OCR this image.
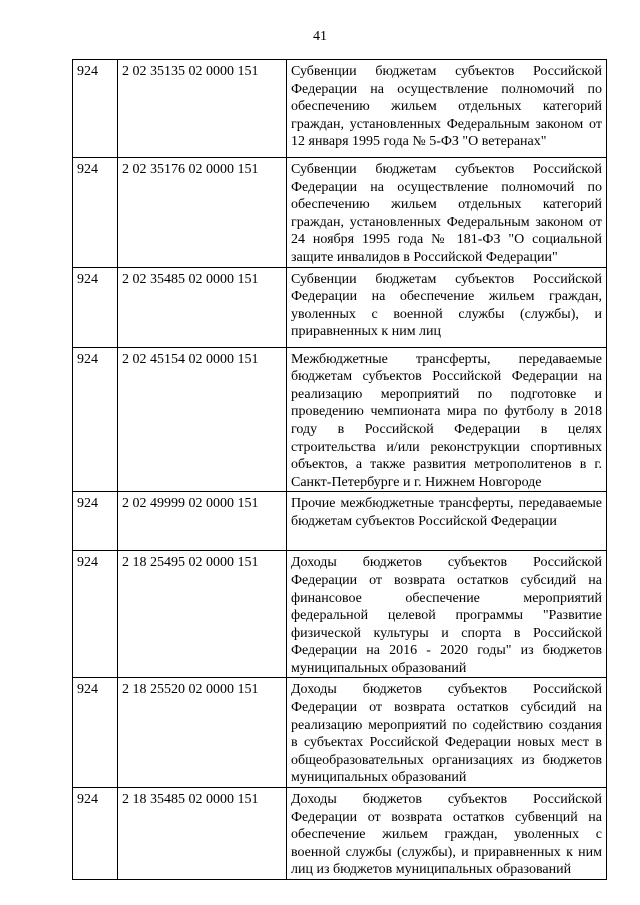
41
924	2 02 35135 02 0000 151	Субвенции бюджетам субъектов Российской Федерации на осуществление полномочий по обеспечению жильем отдельных категорий граждан, установленных Федеральным законом от 12 января 1995 года № 5-ФЗ "О ветеранах"
924	2 02 35176 02 0000 151	Субвенции бюджетам субъектов Российской Федерации на осуществление полномочий по обеспечению жильем отдельных категорий граждан, установленных Федеральным законом от 24 ноября 1995 года № 181-ФЗ "О социальной защите инвалидов в Российской Федерации"
924	2 02 35485 02 0000 151	Субвенции бюджетам субъектов Российской Федерации на обеспечение жильем граждан, уволенных с военной службы (службы), и приравненных к ним лиц
924	2 02 45154 02 0000 151	Межбюджетные трансферты, передаваемые бюджетам субъектов Российской Федерации на реализацию мероприятий по подготовке и проведению чемпионата мира по футболу в 2018 году в Российской Федерации в целях строительства и/или реконструкции спортивных объектов, а также развития метрополитенов в г. Санкт-Петербурге и г. Нижнем Новгороде
924	2 02 49999 02 0000 151	Прочие межбюджетные трансферты, передаваемые бюджетам субъектов Российской Федерации
924	2 18 25495 02 0000 151	Доходы бюджетов субъектов Российской Федерации от возврата остатков субсидий на финансовое обеспечение мероприятий федеральной целевой программы "Развитие физической культуры и спорта в Российской Федерации на 2016 - 2020 годы" из бюджетов муниципальных образований
924	2 18 25520 02 0000 151	Доходы бюджетов субъектов Российской Федерации от возврата остатков субсидий на реализацию мероприятий по содействию создания в субъектах Российской Федерации новых мест в общеобразовательных организациях из бюджетов муниципальных образований
924	2 18 35485 02 0000 151	Доходы бюджетов субъектов Российской Федерации от возврата остатков субвенций на обеспечение жильем граждан, уволенных с военной службы (службы), и приравненных к ним лиц из бюджетов муниципальных образований
